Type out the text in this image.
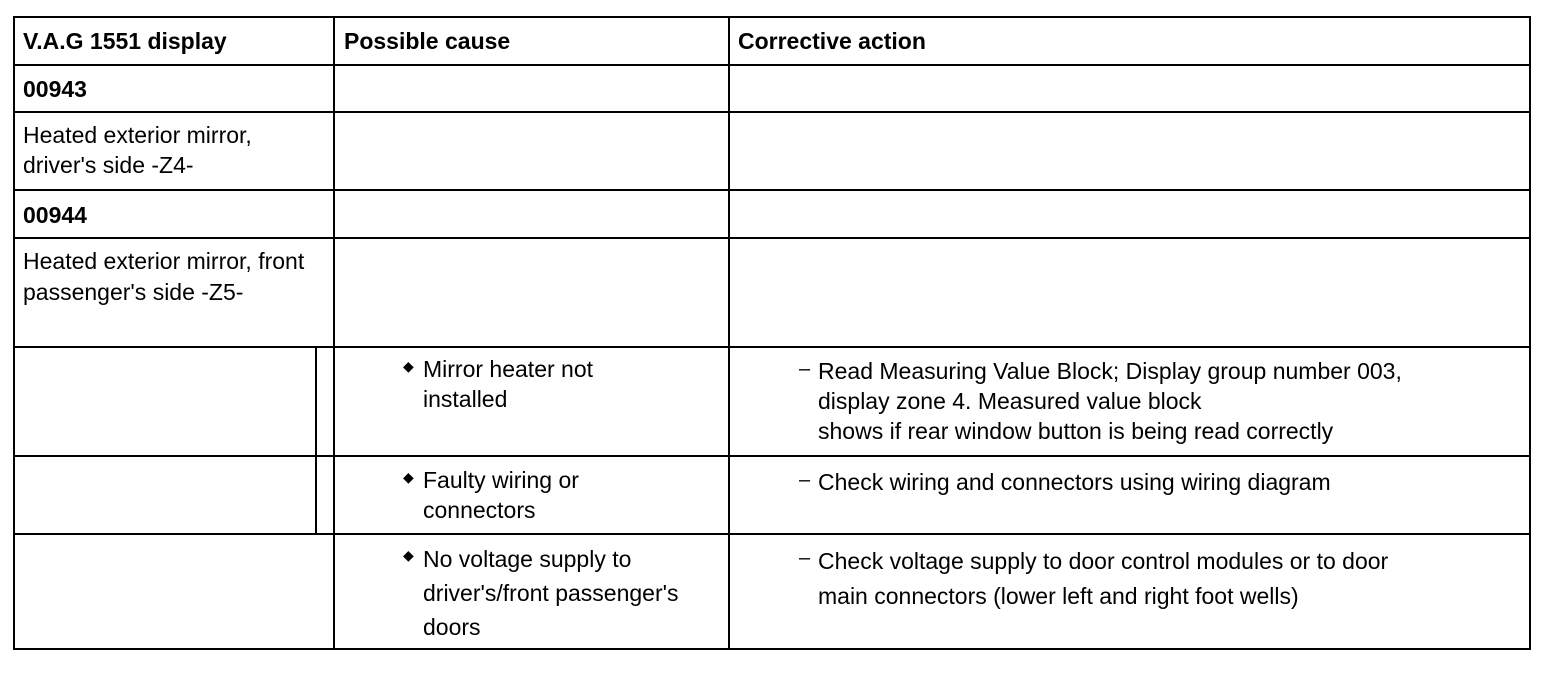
V.A.G 1551 display	Possible cause	Corrective action
00943
Heated exterior mirror, driver's side -Z4-
00944
Heated exterior mirror, front passenger's side -Z5-
◆ Mirror heater not installed
– Read Measuring Value Block; Display group number 003,
display zone 4. Measured value block
shows if rear window button is being read correctly
◆ Faulty wiring or connectors
– Check wiring and connectors using wiring diagram
◆ No voltage supply to driver's/front passenger's doors
– Check voltage supply to door control modules or to door
main connectors (lower left and right foot wells)
